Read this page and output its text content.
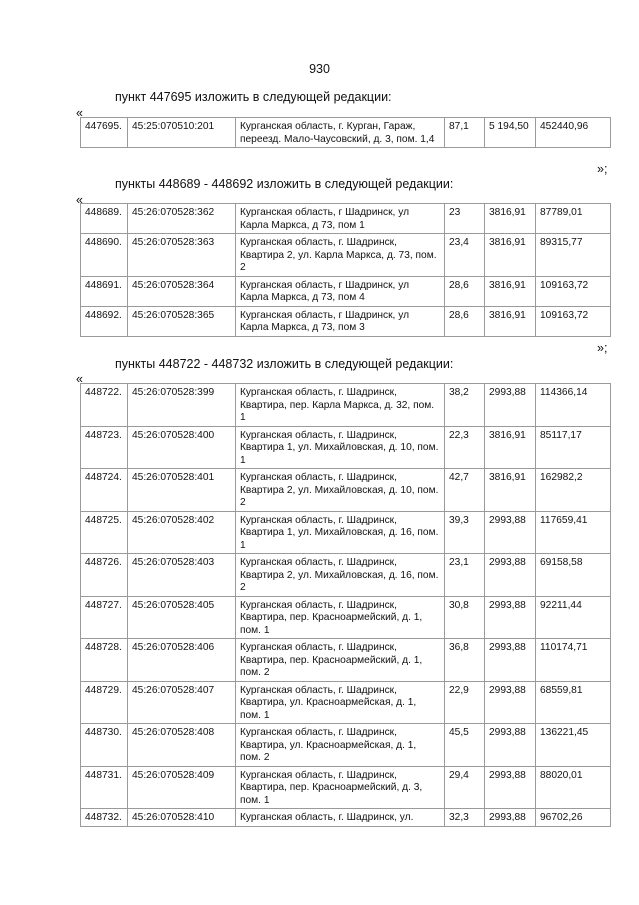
930
пункт 447695 изложить в следующей редакции:
«
447695.	45:25:070510:201	Курганская область, г. Курган, Гараж, переезд. Мало-Чаусовский, д. 3, пом. 1,4	87,1	5 194,50	452440,96
»;
пункты 448689 - 448692 изложить в следующей редакции:
«
448689.	45:26:070528:362	Курганская область, г Шадринск, ул Карла Маркса, д 73, пом 1	23	3816,91	87789,01
448690.	45:26:070528:363	Курганская область, г. Шадринск, Квартира 2, ул. Карла Маркса, д. 73, пом. 2	23,4	3816,91	89315,77
448691.	45:26:070528:364	Курганская область, г Шадринск, ул Карла Маркса, д 73, пом 4	28,6	3816,91	109163,72
448692.	45:26:070528:365	Курганская область, г Шадринск, ул Карла Маркса, д 73, пом 3	28,6	3816,91	109163,72
»;
пункты 448722 - 448732 изложить в следующей редакции:
«
448722.	45:26:070528:399	Курганская область, г. Шадринск, Квартира, пер. Карла Маркса, д. 32, пом. 1	38,2	2993,88	114366,14
448723.	45:26:070528:400	Курганская область, г. Шадринск, Квартира 1, ул. Михайловская, д. 10, пом. 1	22,3	3816,91	85117,17
448724.	45:26:070528:401	Курганская область, г. Шадринск, Квартира 2, ул. Михайловская, д. 10, пом. 2	42,7	3816,91	162982,2
448725.	45:26:070528:402	Курганская область, г. Шадринск, Квартира 1, ул. Михайловская, д. 16, пом. 1	39,3	2993,88	117659,41
448726.	45:26:070528:403	Курганская область, г. Шадринск, Квартира 2, ул. Михайловская, д. 16, пом. 2	23,1	2993,88	69158,58
448727.	45:26:070528:405	Курганская область, г. Шадринск, Квартира, пер. Красноармейский, д. 1, пом. 1	30,8	2993,88	92211,44
448728.	45:26:070528:406	Курганская область, г. Шадринск, Квартира, пер. Красноармейский, д. 1, пом. 2	36,8	2993,88	110174,71
448729.	45:26:070528:407	Курганская область, г. Шадринск, Квартира, ул. Красноармейская, д. 1, пом. 1	22,9	2993,88	68559,81
448730.	45:26:070528:408	Курганская область, г. Шадринск, Квартира, ул. Красноармейская, д. 1, пом. 2	45,5	2993,88	136221,45
448731.	45:26:070528:409	Курганская область, г. Шадринск, Квартира, пер. Красноармейский, д. 3, пом. 1	29,4	2993,88	88020,01
448732.	45:26:070528:410	Курганская область, г. Шадринск, ул.	32,3	2993,88	96702,26
